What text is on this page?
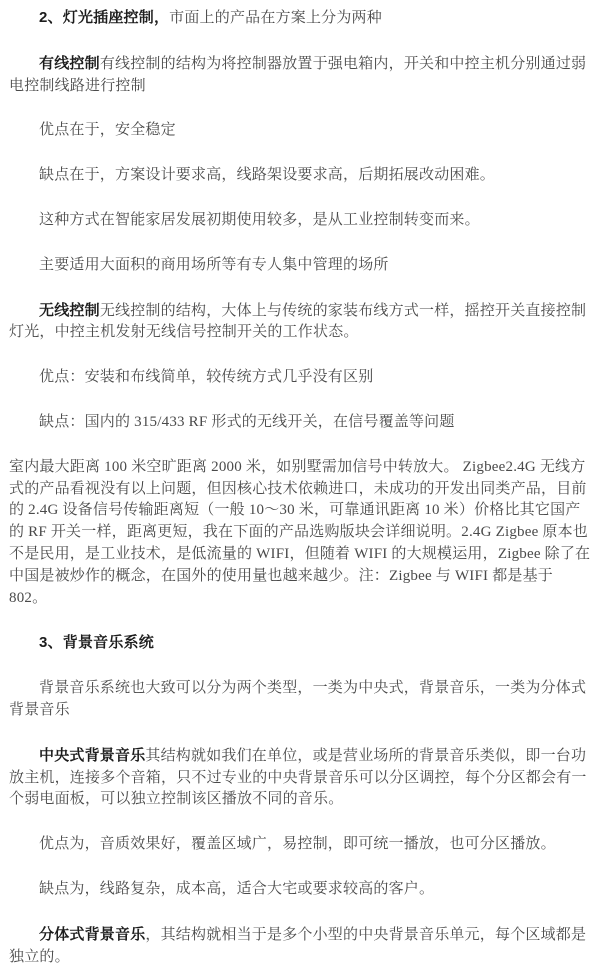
2、灯光插座控制，市面上的产品在方案上分为两种

有线控制有线控制的结构为将控制器放置于强电箱内，开关和中控主机分别通过弱电控制线路进行控制

优点在于，安全稳定

缺点在于，方案设计要求高，线路架设要求高，后期拓展改动困难。

这种方式在智能家居发展初期使用较多，是从工业控制转变而来。

主要适用大面积的商用场所等有专人集中管理的场所

无线控制无线控制的结构，大体上与传统的家装布线方式一样，摇控开关直接控制灯光，中控主机发射无线信号控制开关的工作状态。

优点：安装和布线简单，较传统方式几乎没有区别

缺点：国内的 315/433 RF 形式的无线开关，在信号覆盖等问题

室内最大距离 100 米空旷距离 2000 米，如别墅需加信号中转放大。 Zigbee2.4G 无线方式的产品看视没有以上问题，但因核心技术依赖进口，未成功的开发出同类产品，目前的 2.4G 设备信号传输距离短（一般 10～30 米，可靠通讯距离 10 米）价格比其它国产的 RF 开关一样，距离更短，我在下面的产品选购版块会详细说明。2.4G Zigbee 原本也不是民用，是工业技术，是低流量的 WIFI，但随着 WIFI 的大规模运用，Zigbee 除了在中国是被炒作的概念，在国外的使用量也越来越少。注：Zigbee 与 WIFI 都是基于 802。

3、背景音乐系统

背景音乐系统也大致可以分为两个类型，一类为中央式，背景音乐，一类为分体式背景音乐

中央式背景音乐其结构就如我们在单位，或是营业场所的背景音乐类似，即一台功放主机，连接多个音箱，只不过专业的中央背景音乐可以分区调控，每个分区都会有一个弱电面板，可以独立控制该区播放不同的音乐。

优点为，音质效果好，覆盖区域广，易控制，即可统一播放，也可分区播放。

缺点为，线路复杂，成本高，适合大宅或要求较高的客户。

分体式背景音乐，其结构就相当于是多个小型的中央背景音乐单元，每个区域都是独立的。
